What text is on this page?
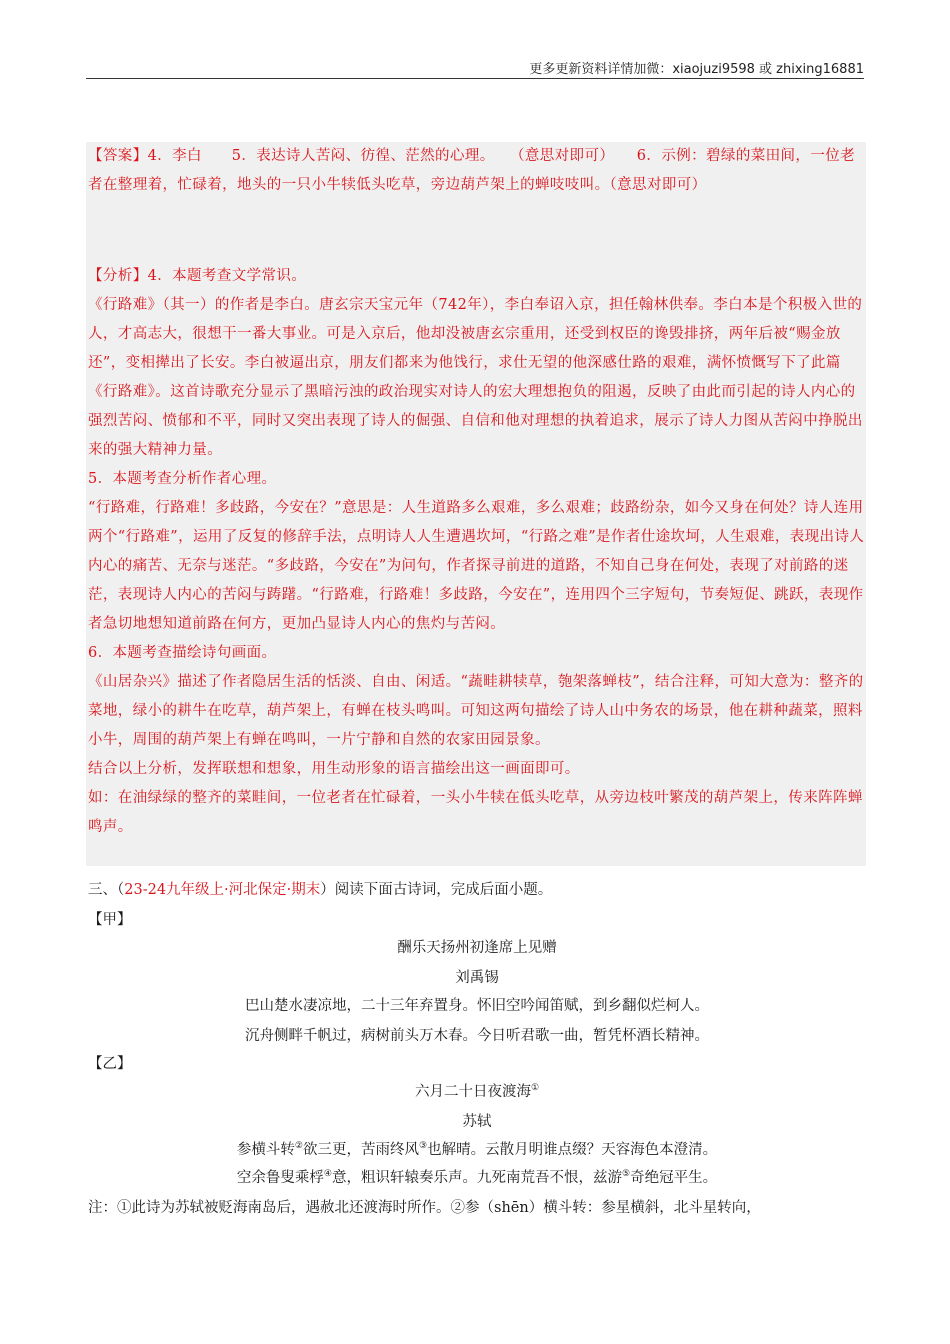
更多更新资料详情加微：xiaojuzi9598 或 zhixing16881

【答案】4．李白　　5．表达诗人苦闷、彷徨、茫然的心理。　　（意思对即可）　　6．示例：碧绿的菜田间，一位老者在整理着，忙碌着，地头的一只小牛犊低头吃草，旁边葫芦架上的蝉吱吱叫。（意思对即可）

【分析】4．本题考查文学常识。

《行路难》（其一）的作者是李白。唐玄宗天宝元年（742年），李白奉诏入京，担任翰林供奉。李白本是个积极入世的人，才高志大，很想干一番大事业。可是入京后，他却没被唐玄宗重用，还受到权臣的谗毁排挤，两年后被“赐金放还”，变相撵出了长安。李白被逼出京，朋友们都来为他饯行，求仕无望的他深感仕路的艰难，满怀愤慨写下了此篇《行路难》。这首诗歌充分显示了黑暗污浊的政治现实对诗人的宏大理想抱负的阻遏，反映了由此而引起的诗人内心的强烈苦闷、愤郁和不平，同时又突出表现了诗人的倔强、自信和他对理想的执着追求，展示了诗人力图从苦闷中挣脱出来的强大精神力量。

5．本题考查分析作者心理。

“行路难，行路难！多歧路，今安在？”意思是：人生道路多么艰难，多么艰难；歧路纷杂，如今又身在何处？诗人连用两个“行路难”，运用了反复的修辞手法，点明诗人人生遭遇坎坷，“行路之难”是作者仕途坎坷，人生艰难，表现出诗人内心的痛苦、无奈与迷茫。“多歧路，今安在”为问句，作者探寻前进的道路，不知自己身在何处，表现了对前路的迷茫，表现诗人内心的苦闷与踌躇。“行路难，行路难！多歧路，今安在”，连用四个三字短句，节奏短促、跳跃，表现作者急切地想知道前路在何方，更加凸显诗人内心的焦灼与苦闷。

6．本题考查描绘诗句画面。

《山居杂兴》描述了作者隐居生活的恬淡、自由、闲适。“蔬畦耕犊草，匏架落蝉枝”，结合注释，可知大意为：整齐的菜地，绿小的耕牛在吃草，葫芦架上，有蝉在枝头鸣叫。可知这两句描绘了诗人山中务农的场景，他在耕种蔬菜，照料小牛，周围的葫芦架上有蝉在鸣叫，一片宁静和自然的农家田园景象。

结合以上分析，发挥联想和想象，用生动形象的语言描绘出这一画面即可。

如：在油绿绿的整齐的菜畦间，一位老者在忙碌着，一头小牛犊在低头吃草，从旁边枝叶繁茂的葫芦架上，传来阵阵蝉鸣声。

三、（23-24九年级上·河北保定·期末）阅读下面古诗词，完成后面小题。
【甲】
酬乐天扬州初逢席上见赠
刘禹锡
巴山楚水凄凉地，二十三年弃置身。怀旧空吟闻笛赋，到乡翻似烂柯人。
沉舟侧畔千帆过，病树前头万木春。今日听君歌一曲，暂凭杯酒长精神。
【乙】
六月二十日夜渡海①
苏轼
参横斗转②欲三更，苦雨终风③也解晴。云散月明谁点缀？天容海色本澄清。
空余鲁叟乘桴④意，粗识轩辕奏乐声。九死南荒吾不恨，兹游⑤奇绝冠平生。
注：①此诗为苏轼被贬海南岛后，遇赦北还渡海时所作。②参（shēn）横斗转：参星横斜，北斗星转向，
